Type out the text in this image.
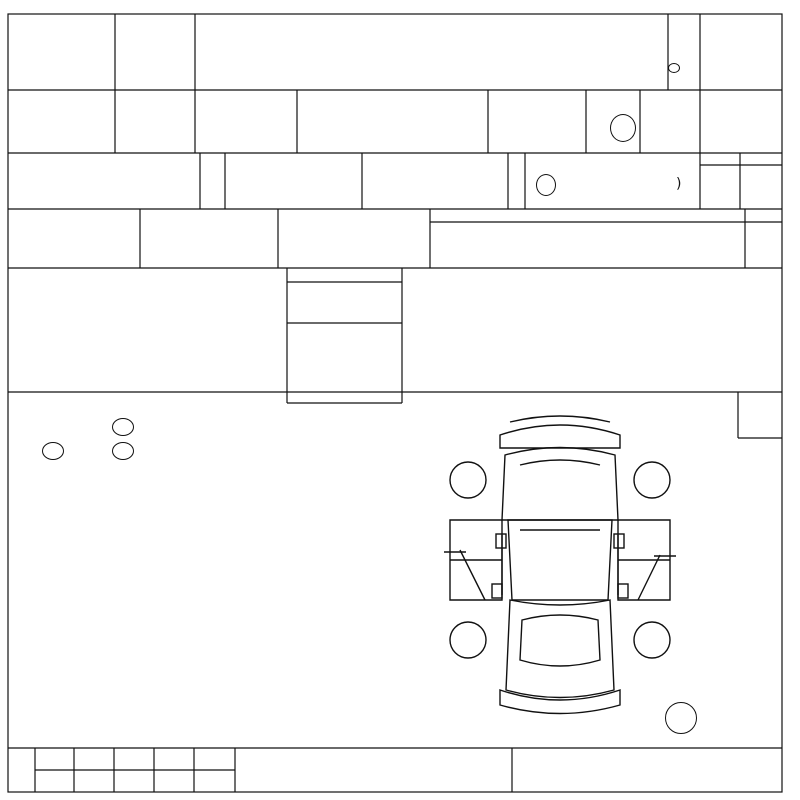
)
